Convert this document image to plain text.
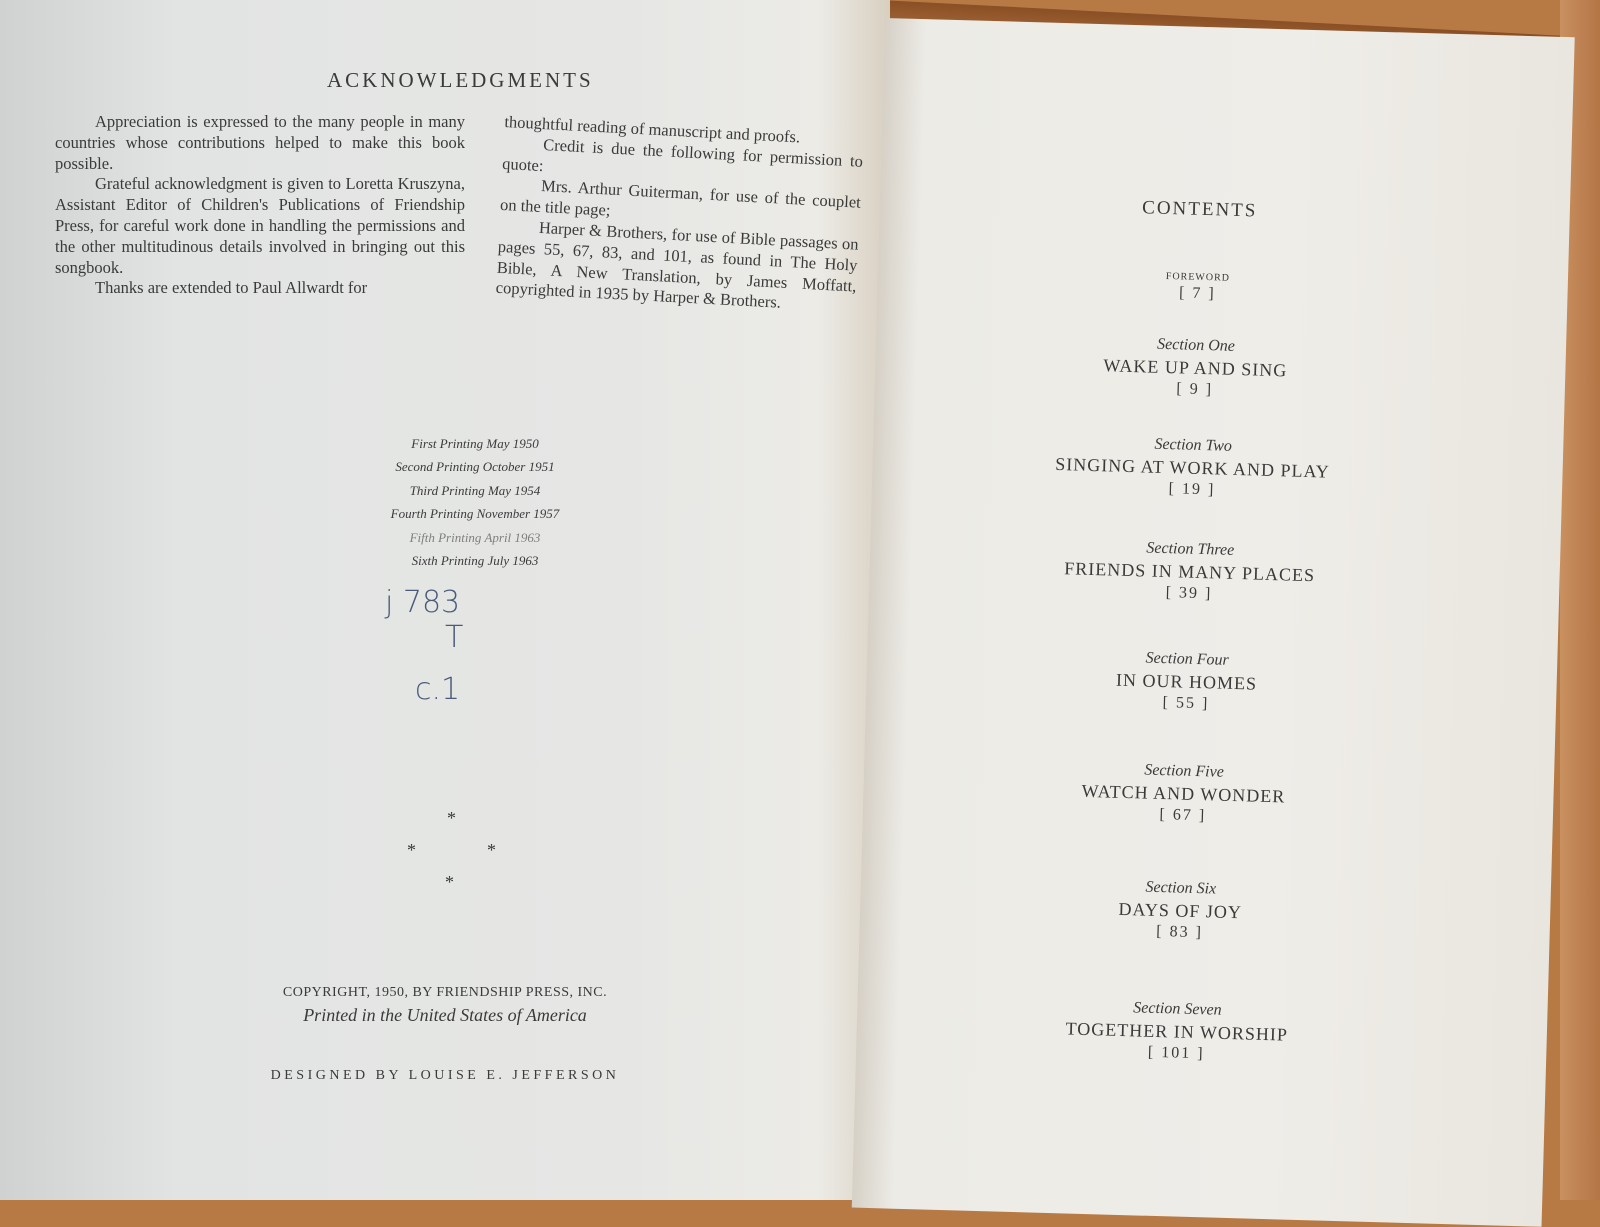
ACKNOWLEDGMENTS

Appreciation is expressed to the many people in many countries whose contributions helped to make this book possible.

Grateful acknowledgment is given to Loretta Kruszyna, Assistant Editor of Children's Publications of Friendship Press, for careful work done in handling the permissions and the other multitudinous details involved in bringing out this songbook.

Thanks are extended to Paul Allwardt for

thoughtful reading of manuscript and proofs.

Credit is due the following for permission to quote:

Mrs. Arthur Guiterman, for use of the couplet on the title page;

Harper & Brothers, for use of Bible passages on pages 55, 67, 83, and 101, as found in The Holy Bible, A New Translation, by James Moffatt, copyrighted in 1935 by Harper & Brothers.

First Printing May 1950
Second Printing October 1951
Third Printing May 1954
Fourth Printing November 1957
Fifth Printing April 1963
Sixth Printing July 1963
j 783
T
c.1
*
*	*
*
COPYRIGHT, 1950, BY FRIENDSHIP PRESS, INC.
Printed in the United States of America
DESIGNED BY LOUISE E. JEFFERSON
CONTENTS
FOREWORD
[ 7 ]
Section One
WAKE UP AND SING
[ 9 ]
Section Two
SINGING AT WORK AND PLAY
[ 19 ]
Section Three
FRIENDS IN MANY PLACES
[ 39 ]
Section Four
IN OUR HOMES
[ 55 ]
Section Five
WATCH AND WONDER
[ 67 ]
Section Six
DAYS OF JOY
[ 83 ]
Section Seven
TOGETHER IN WORSHIP
[ 101 ]
